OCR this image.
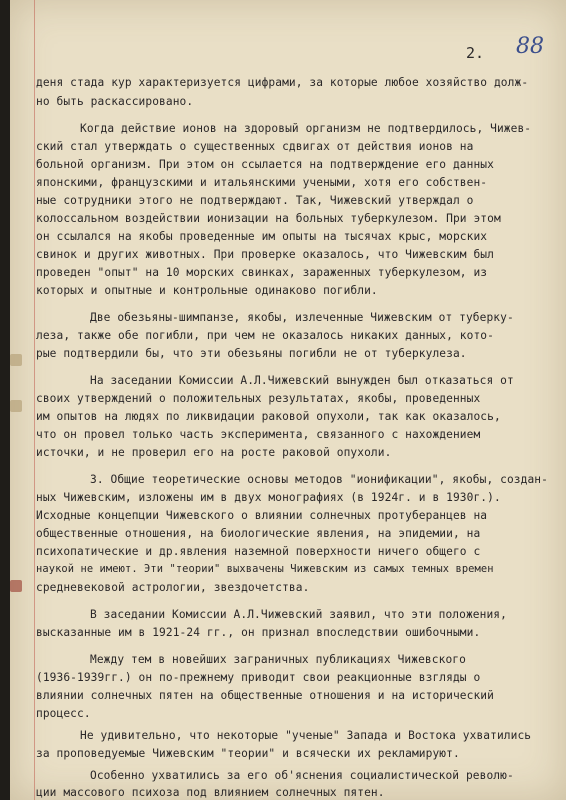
2. 88
деня стада кур характеризуется цифрами, за которые любое хозяйство долж-
но быть раскассировано.
Когда действие ионов на здоровый организм не подтвердилось, Чижев-
ский стал утверждать о существенных сдвигах от действия ионов на
больной организм. При этом он ссылается на подтверждение его данных
японскими, французскими и итальянскими учеными, хотя его собствен-
ные сотрудники этого не подтверждают. Так, Чижевский утверждал о
колоссальном воздействии ионизации на больных туберкулезом. При этом
он ссылался на якобы проведенные им опыты на тысячах крыс, морских
свинок и других животных. При проверке оказалось, что Чижевским был
проведен "опыт" на 10 морских свинках, зараженных туберкулезом, из
которых и опытные и контрольные одинаково погибли.
Две обезьяны-шимпанзе, якобы, излеченные Чижевским от туберку-
леза, также обе погибли, при чем не оказалось никаких данных, кото-
рые подтвердили бы, что эти обезьяны погибли не от туберкулеза.
На заседании Комиссии А.Л.Чижевский вынужден был отказаться от
своих утверждений о положительных результатах, якобы, проведенных
им опытов на людях по ликвидации раковой опухоли, так как оказалось,
что он провел только часть эксперимента, связанного с нахождением
источки, и не проверил его на росте раковой опухоли.
3. Общие теоретические основы методов "ионификации", якобы, создан-
ных Чижевским, изложены им в двух монографиях (в 1924г. и в 1930г.).
Исходные концепции Чижевского о влиянии солнечных протуберанцев на
общественные отношения, на биологические явления, на эпидемии, на
психопатические и др.явления наземной поверхности ничего общего с
наукой не имеют. Эти "теории" выхвачены Чижевским из самых темных времен
средневековой астрологии, звездочетства.
В заседании Комиссии А.Л.Чижевский заявил, что эти положения,
высказанные им в 1921-24 гг., он признал впоследствии ошибочными.
Между тем в новейших заграничных публикациях Чижевского
(1936-1939гг.) он по-прежнему приводит свои реакционные взгляды о
влиянии солнечных пятен на общественные отношения и на исторический
процесс.
Не удивительно, что некоторые "ученые" Запада и Востока ухватились
за проповедуемые Чижевским "теории" и всячески их рекламируют.
Особенно ухватились за его об'яснения социалистической револю-
ции массового психоза под влиянием солнечных пятен.
